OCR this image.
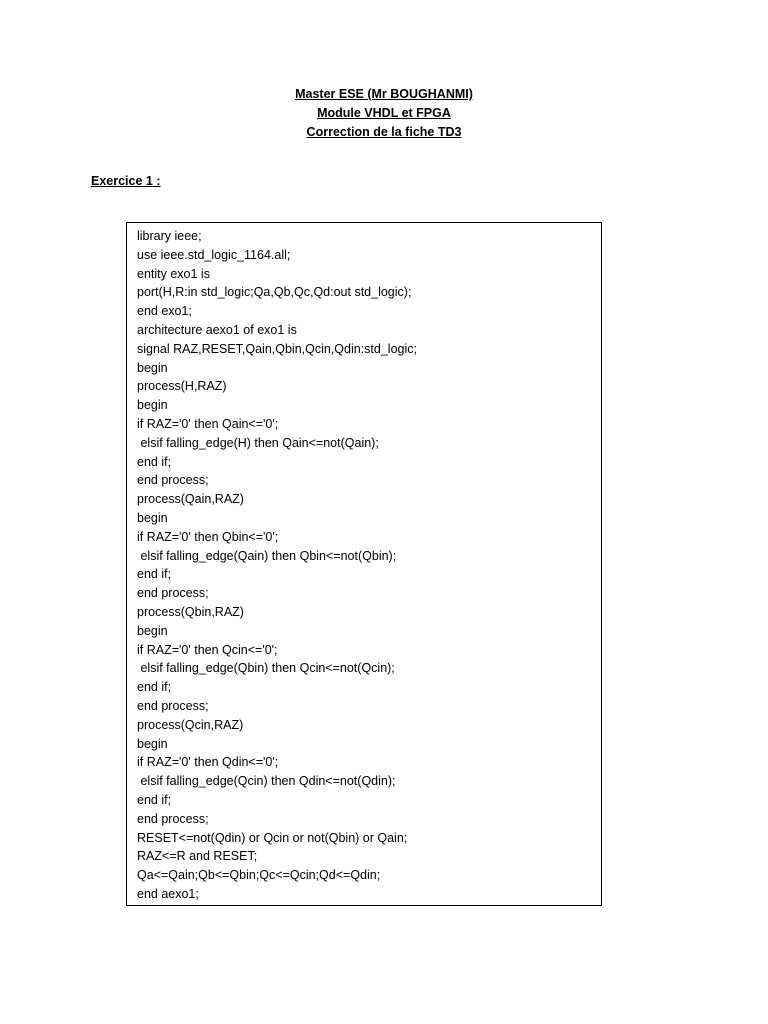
Master ESE (Mr BOUGHANMI)

Module VHDL et FPGA

Correction de la fiche TD3

Exercice 1 :

library ieee;
use ieee.std_logic_1164.all;
entity exo1 is
port(H,R:in std_logic;Qa,Qb,Qc,Qd:out std_logic);
end exo1;
architecture aexo1 of exo1 is
signal RAZ,RESET,Qain,Qbin,Qcin,Qdin:std_logic;
begin
process(H,RAZ)
begin
if RAZ='0' then Qain<='0';
elsif falling_edge(H) then Qain<=not(Qain);
end if;
end process;
process(Qain,RAZ)
begin
if RAZ='0' then Qbin<='0';
elsif falling_edge(Qain) then Qbin<=not(Qbin);
end if;
end process;
process(Qbin,RAZ)
begin
if RAZ='0' then Qcin<='0';
elsif falling_edge(Qbin) then Qcin<=not(Qcin);
end if;
end process;
process(Qcin,RAZ)
begin
if RAZ='0' then Qdin<='0';
elsif falling_edge(Qcin) then Qdin<=not(Qdin);
end if;
end process;
RESET<=not(Qdin) or Qcin or not(Qbin) or Qain;
RAZ<=R and RESET;
Qa<=Qain;Qb<=Qbin;Qc<=Qcin;Qd<=Qdin;
end aexo1;
